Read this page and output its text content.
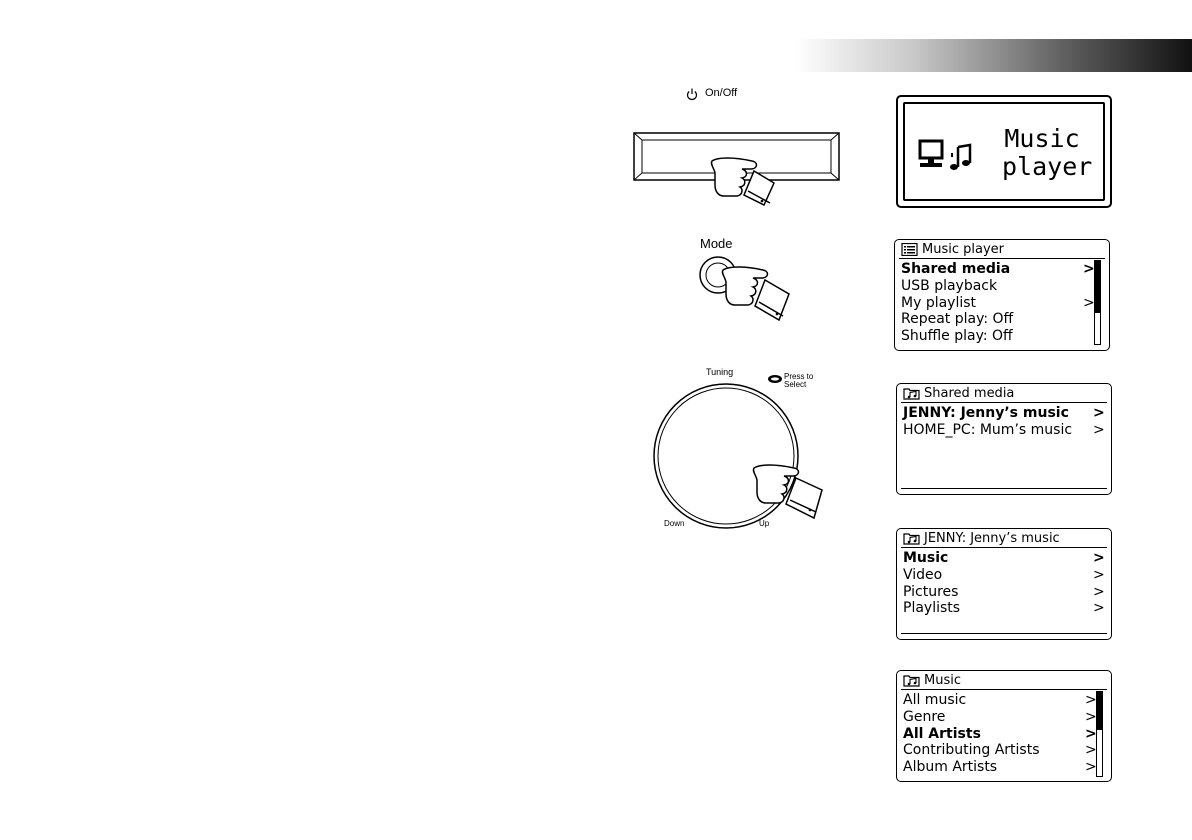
On/Off
Mode
Tuning	Press to
Select
Down	Up
Music
player
Music player
Shared media	>
USB playback
My playlist	>
Repeat play: Off
Shuffle play: Off
Shared media
JENNY: Jenny’s music >
HOME_PC: Mum’s music >
JENNY: Jenny’s music
Music	>
Video	>
Pictures	>
Playlists	>
Music
All music	>
Genre	>
All Artists	>
Contributing Artists	>
Album Artists	>
